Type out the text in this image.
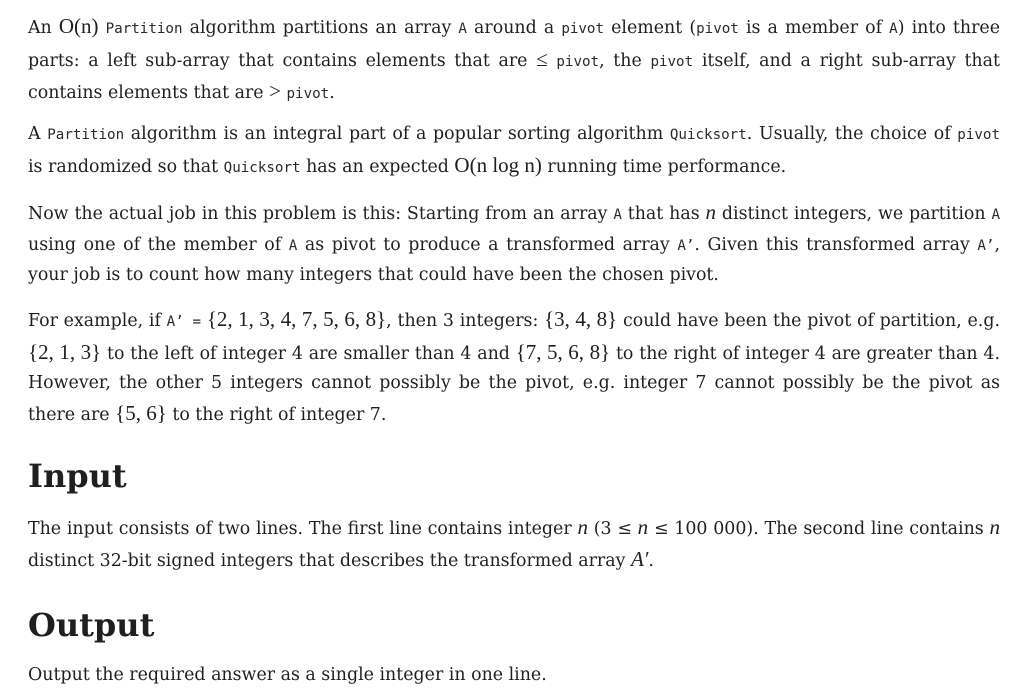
An O(n) Partition algorithm partitions an array A around a pivot element (pivot is a member of A) into three parts: a left sub-array that contains elements that are ≤ pivot, the pivot itself, and a right sub-array that contains elements that are > pivot.

A Partition algorithm is an integral part of a popular sorting algorithm Quicksort. Usually, the choice of pivot is randomized so that Quicksort has an expected O(n log n) running time performance.

Now the actual job in this problem is this: Starting from an array A that has n distinct integers, we partition A using one of the member of A as pivot to produce a transformed array A’. Given this transformed array A’, your job is to count how many integers that could have been the chosen pivot.

For example, if A’ = {2, 1, 3, 4, 7, 5, 6, 8}, then 3 integers: {3, 4, 8} could have been the pivot of partition, e.g. {2, 1, 3} to the left of integer 4 are smaller than 4 and {7, 5, 6, 8} to the right of integer 4 are greater than 4. However, the other 5 integers cannot possibly be the pivot, e.g. integer 7 cannot possibly be the pivot as there are {5, 6} to the right of integer 7.

Input

The input consists of two lines. The first line contains integer n (3 ≤ n ≤ 100 000). The second line contains n distinct 32-bit signed integers that describes the transformed array A′.

Output

Output the required answer as a single integer in one line.
